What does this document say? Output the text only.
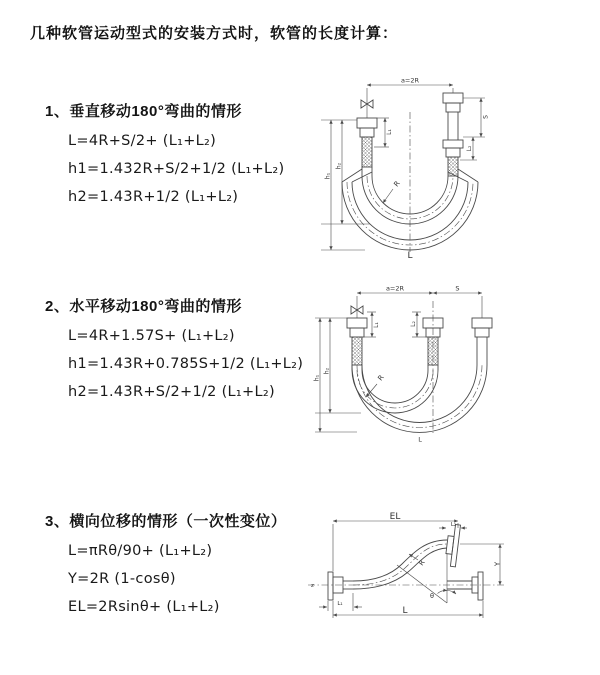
几种软管运动型式的安装方式时，软管的长度计算：
1、垂直移动180°弯曲的情形
L=4R+S/2+ (L₁+L₂)
h1=1.432R+S/2+1/2 (L₁+L₂)
h2=1.43R+1/2 (L₁+L₂)
a=2R
h₁
h₂
L₁
S
L₂
R
L
2、水平移动180°弯曲的情形
L=4R+1.57S+ (L₁+L₂)
h1=1.43R+0.785S+1/2 (L₁+L₂)
h2=1.43R+S/2+1/2 (L₁+L₂)
a=2R	S
h₁
h₂
L₁	L₂
R
L
3、横向位移的情形（一次性变位）
L=πRθ/90+ (L₁+L₂)
Y=2R (1-cosθ)
EL=2Rsinθ+ (L₁+L₂)
EL
L₂
Y
θ
R
z
L₁
L
